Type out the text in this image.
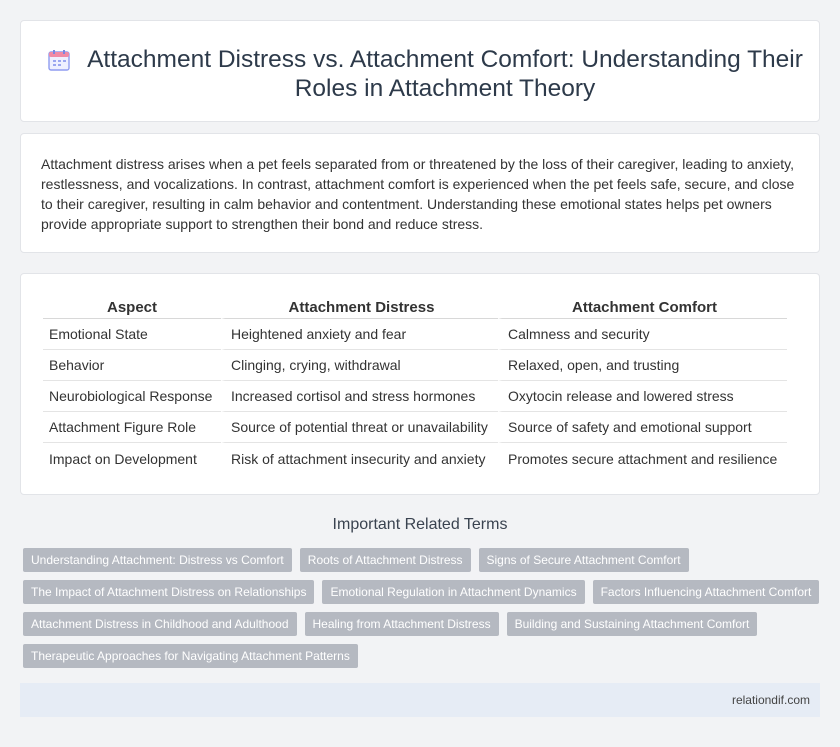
Attachment Distress vs. Attachment Comfort: Understanding Their Roles in Attachment Theory

Attachment distress arises when a pet feels separated from or threatened by the loss of their caregiver, leading to anxiety, restlessness, and vocalizations. In contrast, attachment comfort is experienced when the pet feels safe, secure, and close to their caregiver, resulting in calm behavior and contentment. Understanding these emotional states helps pet owners provide appropriate support to strengthen their bond and reduce stress.

Aspect	Attachment Distress	Attachment Comfort
Emotional State	Heightened anxiety and fear	Calmness and security
Behavior	Clinging, crying, withdrawal	Relaxed, open, and trusting
Neurobiological Response	Increased cortisol and stress hormones	Oxytocin release and lowered stress
Attachment Figure Role	Source of potential threat or unavailability	Source of safety and emotional support
Impact on Development	Risk of attachment insecurity and anxiety	Promotes secure attachment and resilience
Important Related Terms
Understanding Attachment: Distress vs Comfort	Roots of Attachment Distress	Signs of Secure Attachment Comfort
The Impact of Attachment Distress on Relationships	Emotional Regulation in Attachment Dynamics	Factors Influencing Attachment Comfort
Attachment Distress in Childhood and Adulthood	Healing from Attachment Distress	Building and Sustaining Attachment Comfort
Therapeutic Approaches for Navigating Attachment Patterns
relationdif.com
